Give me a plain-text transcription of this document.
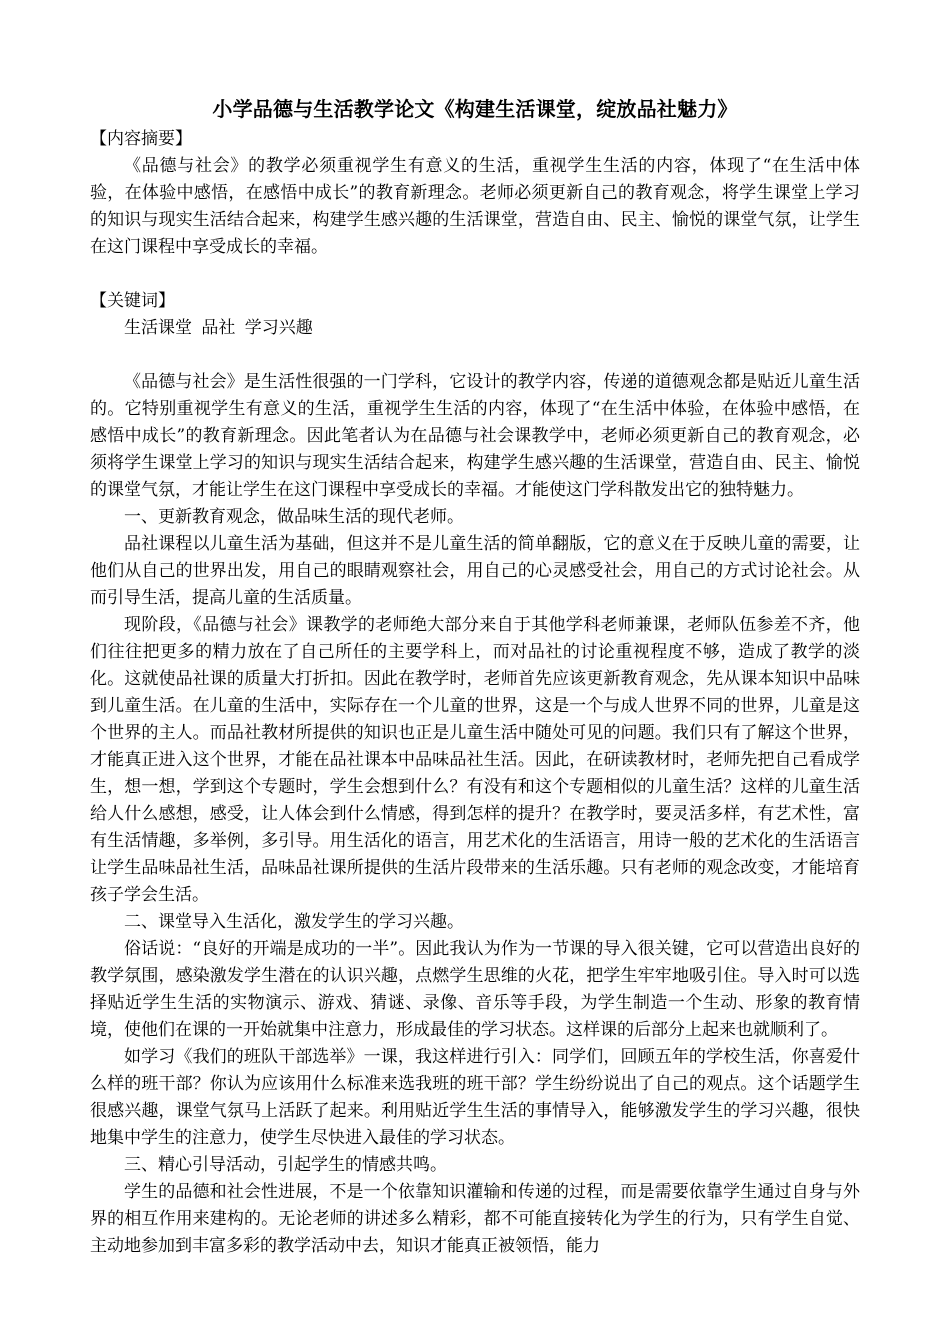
小学品德与生活教学论文《构建生活课堂，绽放品社魅力》

【内容摘要】

《品德与社会》的教学必须重视学生有意义的生活，重视学生生活的内容，体现了“在生活中体验，在体验中感悟，在感悟中成长”的教育新理念。老师必须更新自己的教育观念，将学生课堂上学习的知识与现实生活结合起来，构建学生感兴趣的生活课堂，营造自由、民主、愉悦的课堂气氛，让学生在这门课程中享受成长的幸福。

【关键词】

生活课堂 品社 学习兴趣

《品德与社会》是生活性很强的一门学科，它设计的教学内容，传递的道德观念都是贴近儿童生活的。它特别重视学生有意义的生活，重视学生生活的内容，体现了“在生活中体验，在体验中感悟，在感悟中成长”的教育新理念。因此笔者认为在品德与社会课教学中，老师必须更新自己的教育观念，必须将学生课堂上学习的知识与现实生活结合起来，构建学生感兴趣的生活课堂，营造自由、民主、愉悦的课堂气氛，才能让学生在这门课程中享受成长的幸福。才能使这门学科散发出它的独特魅力。

一、更新教育观念，做品味生活的现代老师。

品社课程以儿童生活为基础，但这并不是儿童生活的简单翻版，它的意义在于反映儿童的需要，让他们从自己的世界出发，用自己的眼睛观察社会，用自己的心灵感受社会，用自己的方式讨论社会。从而引导生活，提高儿童的生活质量。

现阶段，《品德与社会》课教学的老师绝大部分来自于其他学科老师兼课，老师队伍参差不齐，他们往往把更多的精力放在了自己所任的主要学科上，而对品社的讨论重视程度不够，造成了教学的淡化。这就使品社课的质量大打折扣。因此在教学时，老师首先应该更新教育观念，先从课本知识中品味到儿童生活。在儿童的生活中，实际存在一个儿童的世界，这是一个与成人世界不同的世界，儿童是这个世界的主人。而品社教材所提供的知识也正是儿童生活中随处可见的问题。我们只有了解这个世界，才能真正进入这个世界，才能在品社课本中品味品社生活。因此，在研读教材时，老师先把自己看成学生，想一想，学到这个专题时，学生会想到什么？有没有和这个专题相似的儿童生活？这样的儿童生活给人什么感想，感受，让人体会到什么情感，得到怎样的提升？在教学时，要灵活多样，有艺术性，富有生活情趣，多举例，多引导。用生活化的语言，用艺术化的生活语言，用诗一般的艺术化的生活语言让学生品味品社生活，品味品社课所提供的生活片段带来的生活乐趣。只有老师的观念改变，才能培育孩子学会生活。

二、课堂导入生活化，激发学生的学习兴趣。

俗话说：“良好的开端是成功的一半”。因此我认为作为一节课的导入很关键，它可以营造出良好的教学氛围，感染激发学生潜在的认识兴趣，点燃学生思维的火花，把学生牢牢地吸引住。导入时可以选择贴近学生生活的实物演示、游戏、猜谜、录像、音乐等手段，为学生制造一个生动、形象的教育情境，使他们在课的一开始就集中注意力，形成最佳的学习状态。这样课的后部分上起来也就顺利了。

如学习《我们的班队干部选举》一课，我这样进行引入：同学们，回顾五年的学校生活，你喜爱什么样的班干部？你认为应该用什么标准来选我班的班干部？学生纷纷说出了自己的观点。这个话题学生很感兴趣，课堂气氛马上活跃了起来。利用贴近学生生活的事情导入，能够激发学生的学习兴趣，很快地集中学生的注意力，使学生尽快进入最佳的学习状态。

三、精心引导活动，引起学生的情感共鸣。

学生的品德和社会性进展，不是一个依靠知识灌输和传递的过程，而是需要依靠学生通过自身与外界的相互作用来建构的。无论老师的讲述多么精彩，都不可能直接转化为学生的行为，只有学生自觉、主动地参加到丰富多彩的教学活动中去，知识才能真正被领悟，能力
